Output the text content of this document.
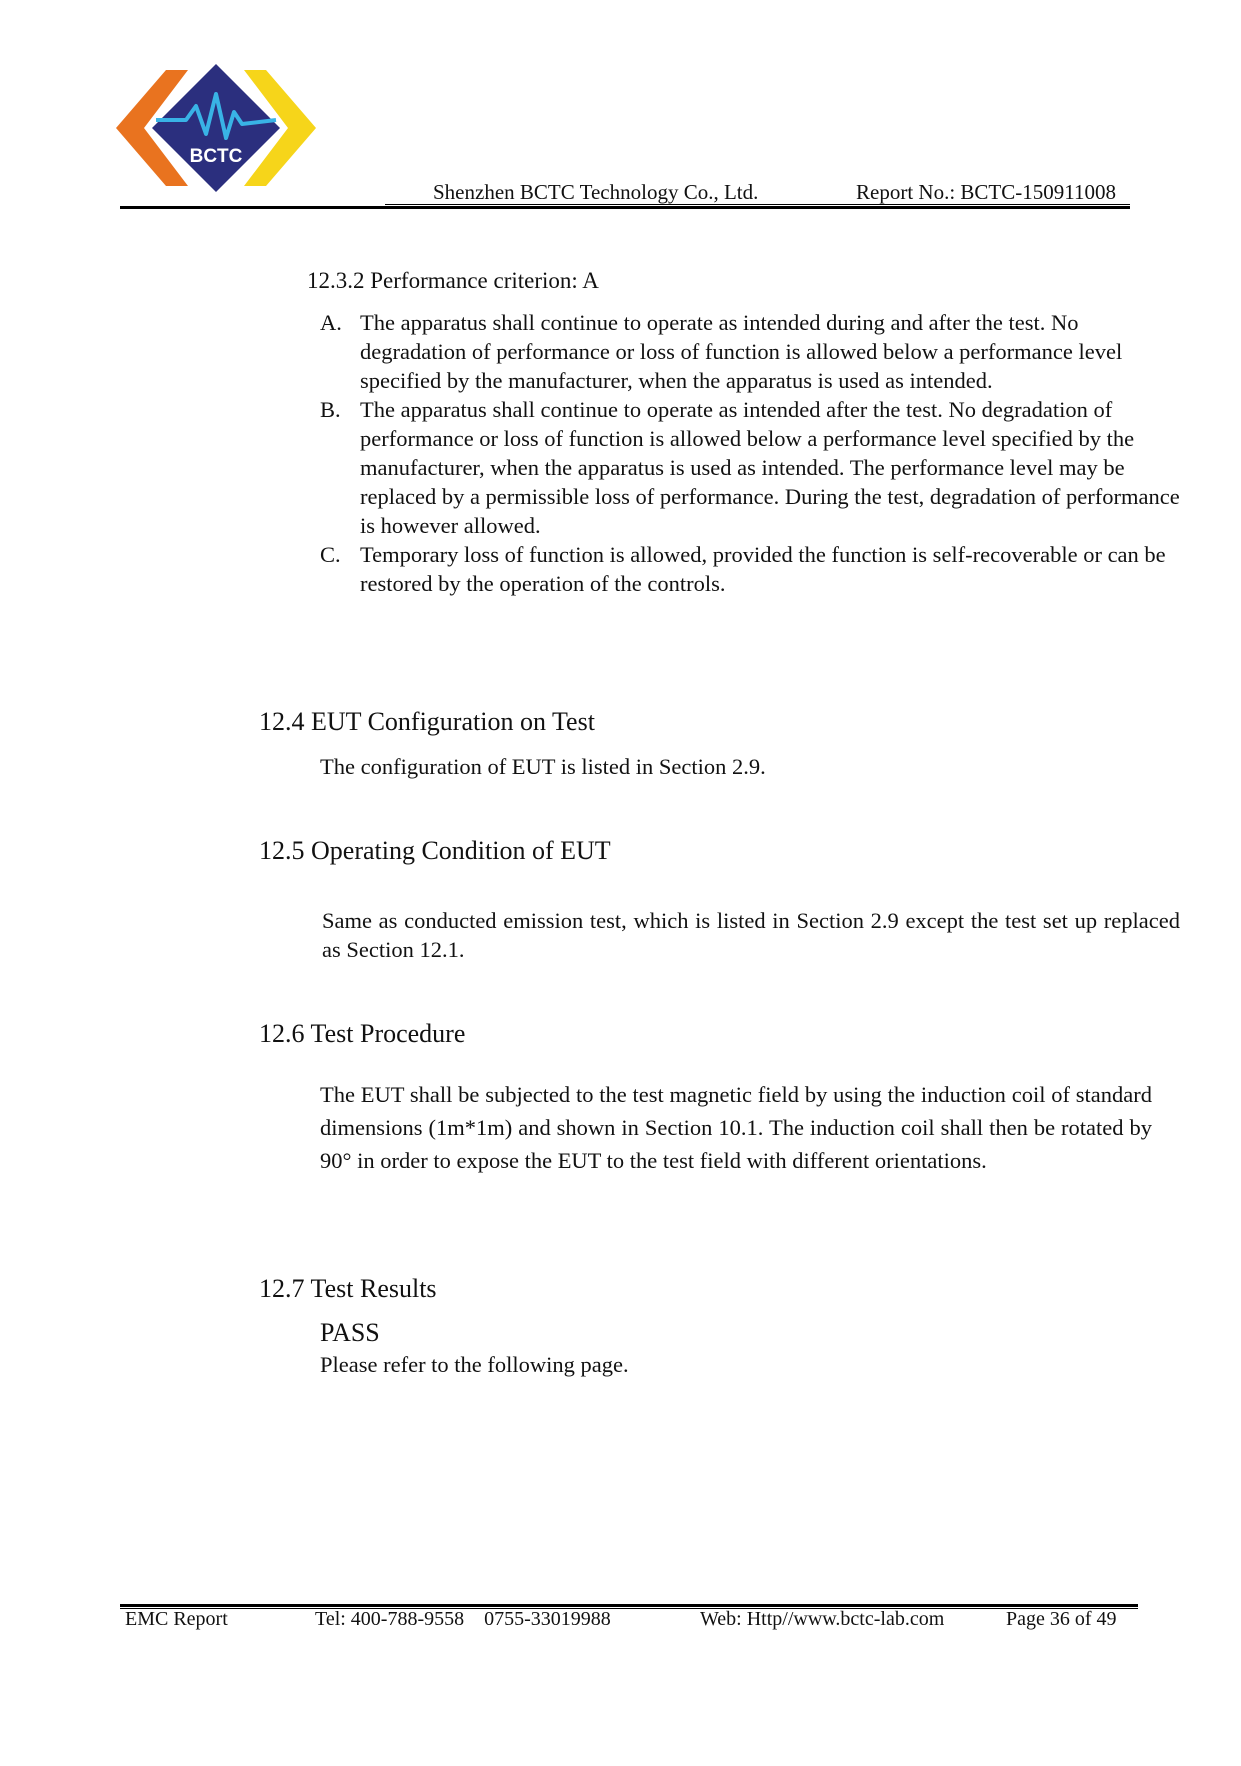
BCTC
Shenzhen BCTC Technology Co., Ltd.	Report No.: BCTC-150911008
12.3.2 Performance criterion: A
A. The apparatus shall continue to operate as intended during and after the test. No degradation of performance or loss of function is allowed below a performance level specified by the manufacturer, when the apparatus is used as intended.
B. The apparatus shall continue to operate as intended after the test. No degradation of performance or loss of function is allowed below a performance level specified by the manufacturer, when the apparatus is used as intended. The performance level may be replaced by a permissible loss of performance. During the test, degradation of performance is however allowed.
C. Temporary loss of function is allowed, provided the function is self-recoverable or can be restored by the operation of the controls.
12.4 EUT Configuration on Test
The configuration of EUT is listed in Section 2.9.
12.5 Operating Condition of EUT
Same as conducted emission test, which is listed in Section 2.9 except the test set up replaced as Section 12.1.
12.6 Test Procedure
The EUT shall be subjected to the test magnetic field by using the induction coil of standard dimensions (1m*1m) and shown in Section 10.1. The induction coil shall then be rotated by 90° in order to expose the EUT to the test field with different orientations.
12.7 Test Results
PASS
Please refer to the following page.
EMC Report	Tel: 400-788-9558    0755-33019988	Web: Http//www.bctc-lab.com	Page 36 of 49
